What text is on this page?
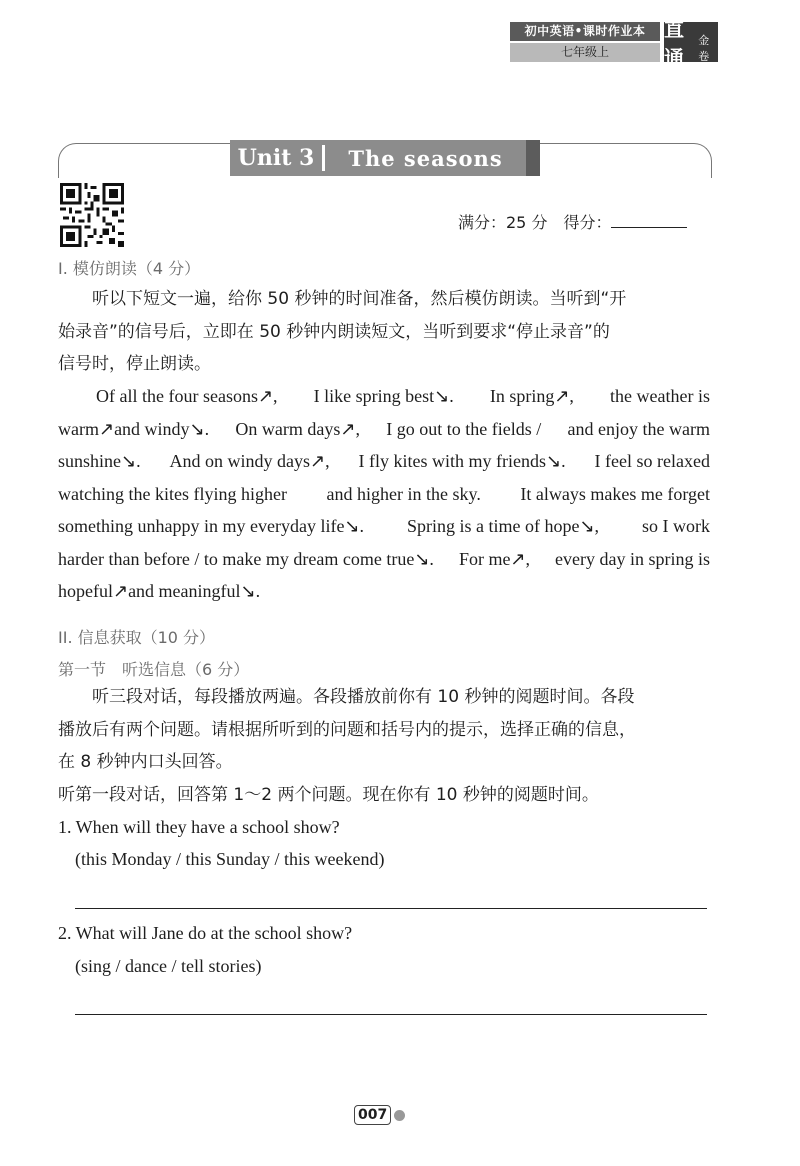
初中英语•课时作业本
七年级上
直通
金卷
Unit 3	The seasons
满分：25 分　得分：
I. 模仿朗读（4 分）
听以下短文一遍，给你 50 秒钟的时间准备，然后模仿朗读。当听到“开
始录音”的信号后，立即在 50 秒钟内朗读短文，当听到要求“停止录音”的
信号时，停止朗读。
Of all the four seasons↗, I like spring best↘. In spring↗, the weather is
warm↗and windy↘. On warm days↗, I go out to the fields / and enjoy the warm
sunshine↘. And on windy days↗, I fly kites with my friends↘. I feel so relaxed
watching the kites flying higher and higher in the sky. It always makes me forget
something unhappy in my everyday life↘. Spring is a time of hope↘, so I work
harder than before / to make my dream come true↘. For me↗, every day in spring is
hopeful↗and meaningful↘.
II. 信息获取（10 分）
第一节　听选信息（6 分）
听三段对话，每段播放两遍。各段播放前你有 10 秒钟的阅题时间。各段
播放后有两个问题。请根据所听到的问题和括号内的提示，选择正确的信息，
在 8 秒钟内口头回答。
听第一段对话，回答第 1～2 两个问题。现在你有 10 秒钟的阅题时间。
1. When will they have a school show?
(this Monday / this Sunday / this weekend)
2. What will Jane do at the school show?
(sing / dance / tell stories)
007
